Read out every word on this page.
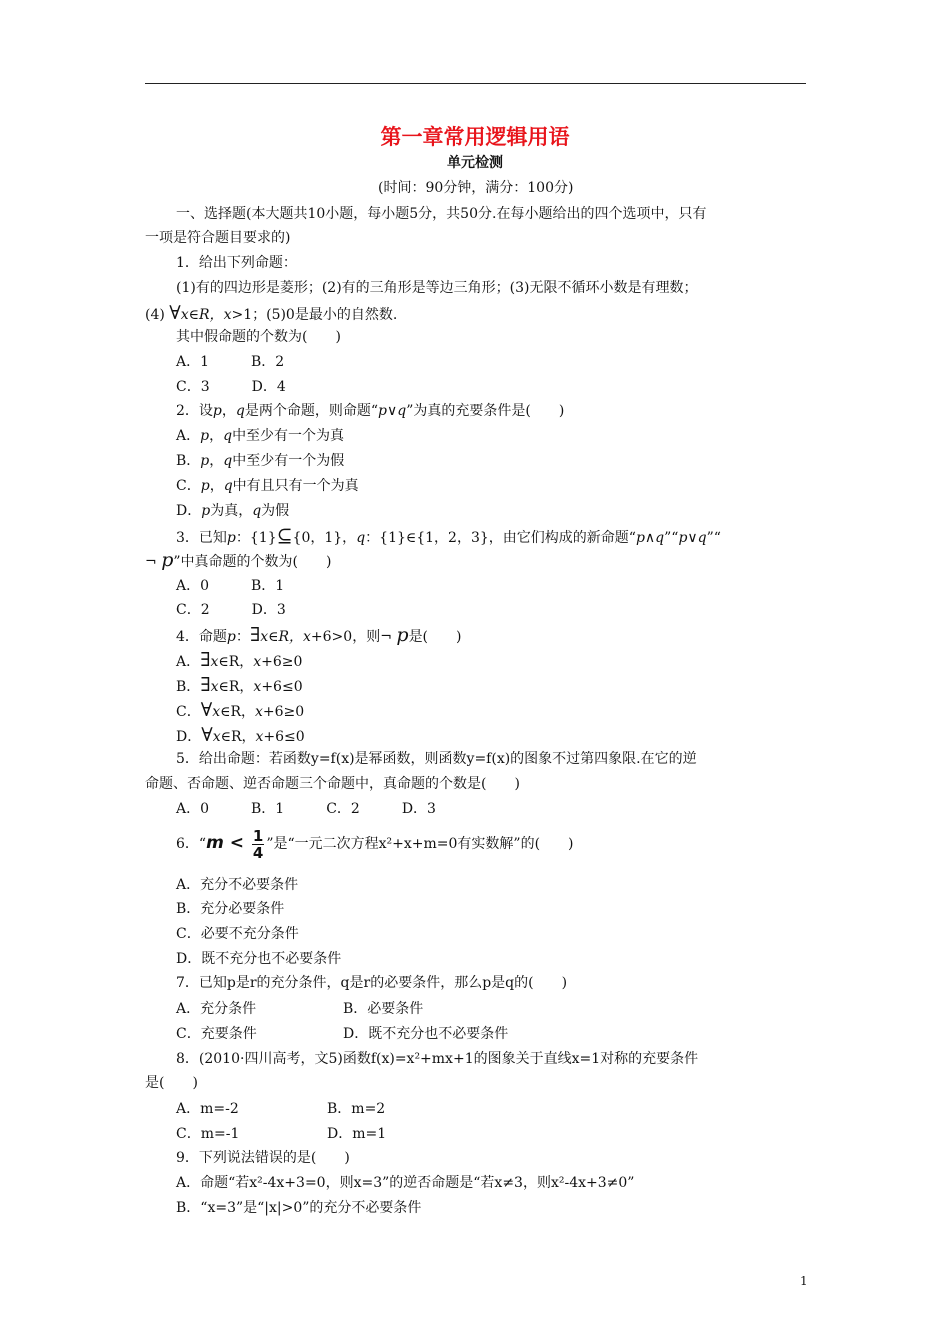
第一章常用逻辑用语
单元检测
(时间：90分钟，满分：100分)
一、选择题(本大题共10小题，每小题5分，共50分.在每小题给出的四个选项中，只有
一项是符合题目要求的)
1．给出下列命题：
(1)有的四边形是菱形；(2)有的三角形是等边三角形；(3)无限不循环小数是有理数；
(4) ∀x∈R，x>1；(5)0是最小的自然数.
其中假命题的个数为(　　)
A．1　　　B．2
C．3　　　D．4
2．设p，q是两个命题，则命题“p∨q”为真的充要条件是(　　)
A．p，q中至少有一个为真
B．p，q中至少有一个为假
C．p，q中有且只有一个为真
D．p为真，q为假
3．已知p：{1}⊆{0，1}，q：{1}∈{1，2，3}，由它们构成的新命题“p∧q”“p∨q”“
¬ p”中真命题的个数为(　　)
A．0　　　B．1
C．2　　　D．3
4．命题p：∃x∈R，x+6>0，则¬ p是(　　)
A．∃x∈R，x+6≥0
B．∃x∈R，x+6≤0
C．∀x∈R，x+6≥0
D．∀x∈R，x+6≤0
5．给出命题：若函数y=f(x)是幂函数，则函数y=f(x)的图象不过第四象限.在它的逆
命题、否命题、逆否命题三个命题中，真命题的个数是(　　)
A．0　　　B．1　　　C．2　　　D．3
6．“$m < \frac{1}{4}$ ”是“一元二次方程x²+x+m=0有实数解”的(　　)
A．充分不必要条件
B．充分必要条件
C．必要不充分条件
D．既不充分也不必要条件
7．已知p是r的充分条件，q是r的必要条件，那么p是q的(　　)
A．充分条件	B．必要条件
C．充要条件	D．既不充分也不必要条件
8．(2010·四川高考，文5)函数f(x)=x²+mx+1的图象关于直线x=1对称的充要条件
是(　　)
A．m=-2	B．m=2
C．m=-1	D．m=1
9．下列说法错误的是(　　)
A．命题“若x²-4x+3=0，则x=3”的逆否命题是“若x≠3，则x²-4x+3≠0”
B．“x=3”是“|x|>0”的充分不必要条件
1
